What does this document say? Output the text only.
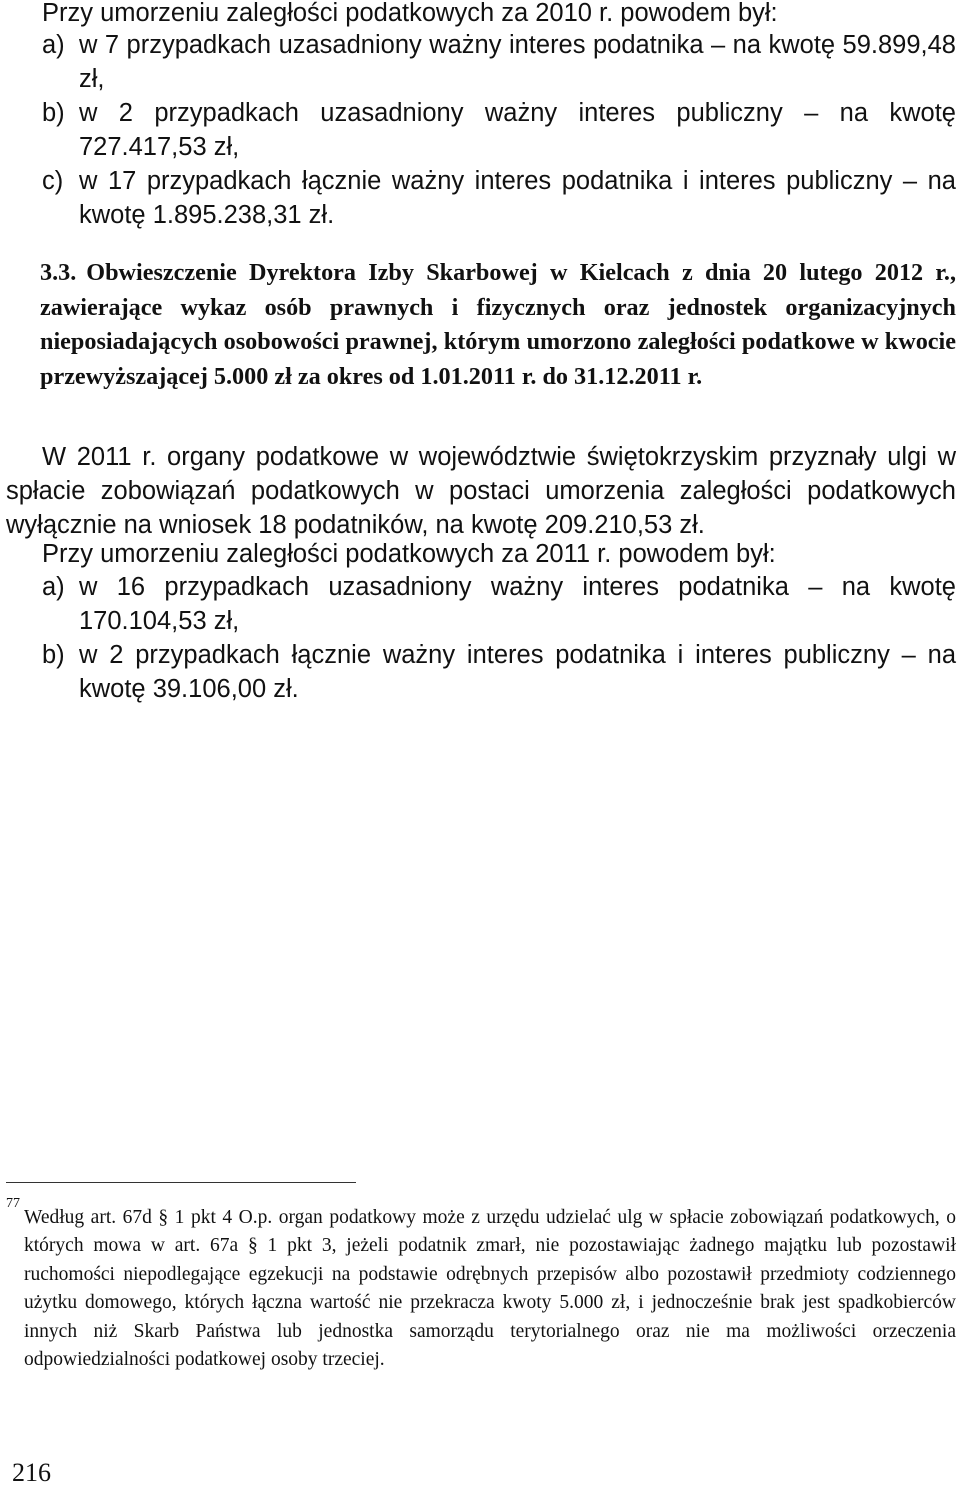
Przy umorzeniu zaległości podatkowych za 2010 r. powodem był:
a) w 7 przypadkach uzasadniony ważny interes podatnika – na kwotę 59.899,48 zł,
b) w 2 przypadkach uzasadniony ważny interes publiczny – na kwotę 727.417,53 zł,
c) w 17 przypadkach łącznie ważny interes podatnika i interes publiczny – na kwotę 1.895.238,31 zł.
3.3. Obwieszczenie Dyrektora Izby Skarbowej w Kielcach z dnia 20 lutego 2012 r., zawierające wykaz osób prawnych i fizycznych oraz jednostek organizacyjnych nieposiadających osobowości prawnej, którym umorzono zaległości podatkowe w kwocie przewyższającej 5.000 zł za okres od 1.01.2011 r. do 31.12.2011 r.
W 2011 r. organy podatkowe w województwie świętokrzyskim przyznały ulgi w spłacie zobowiązań podatkowych w postaci umorzenia zaległości podatkowych wyłącznie na wniosek 18 podatników, na kwotę 209.210,53 zł.
Przy umorzeniu zaległości podatkowych za 2011 r. powodem był:
a) w 16 przypadkach uzasadniony ważny interes podatnika – na kwotę 170.104,53 zł,
b) w 2 przypadkach łącznie ważny interes podatnika i interes publiczny – na kwotę 39.106,00 zł.
77
Według art. 67d § 1 pkt 4 O.p. organ podatkowy może z urzędu udzielać ulg w spłacie zobowiązań podatkowych, o których mowa w art. 67a § 1 pkt 3, jeżeli podatnik zmarł, nie pozostawiając żadnego majątku lub pozostawił ruchomości niepodlegające egzekucji na podstawie odrębnych przepisów albo pozostawił przedmioty codziennego użytku domowego, których łączna wartość nie przekracza kwoty 5.000 zł, i jednocześnie brak jest spadkobierców innych niż Skarb Państwa lub jednostka samorządu terytorialnego oraz nie ma możliwości orzeczenia odpowiedzialności podatkowej osoby trzeciej.
216
